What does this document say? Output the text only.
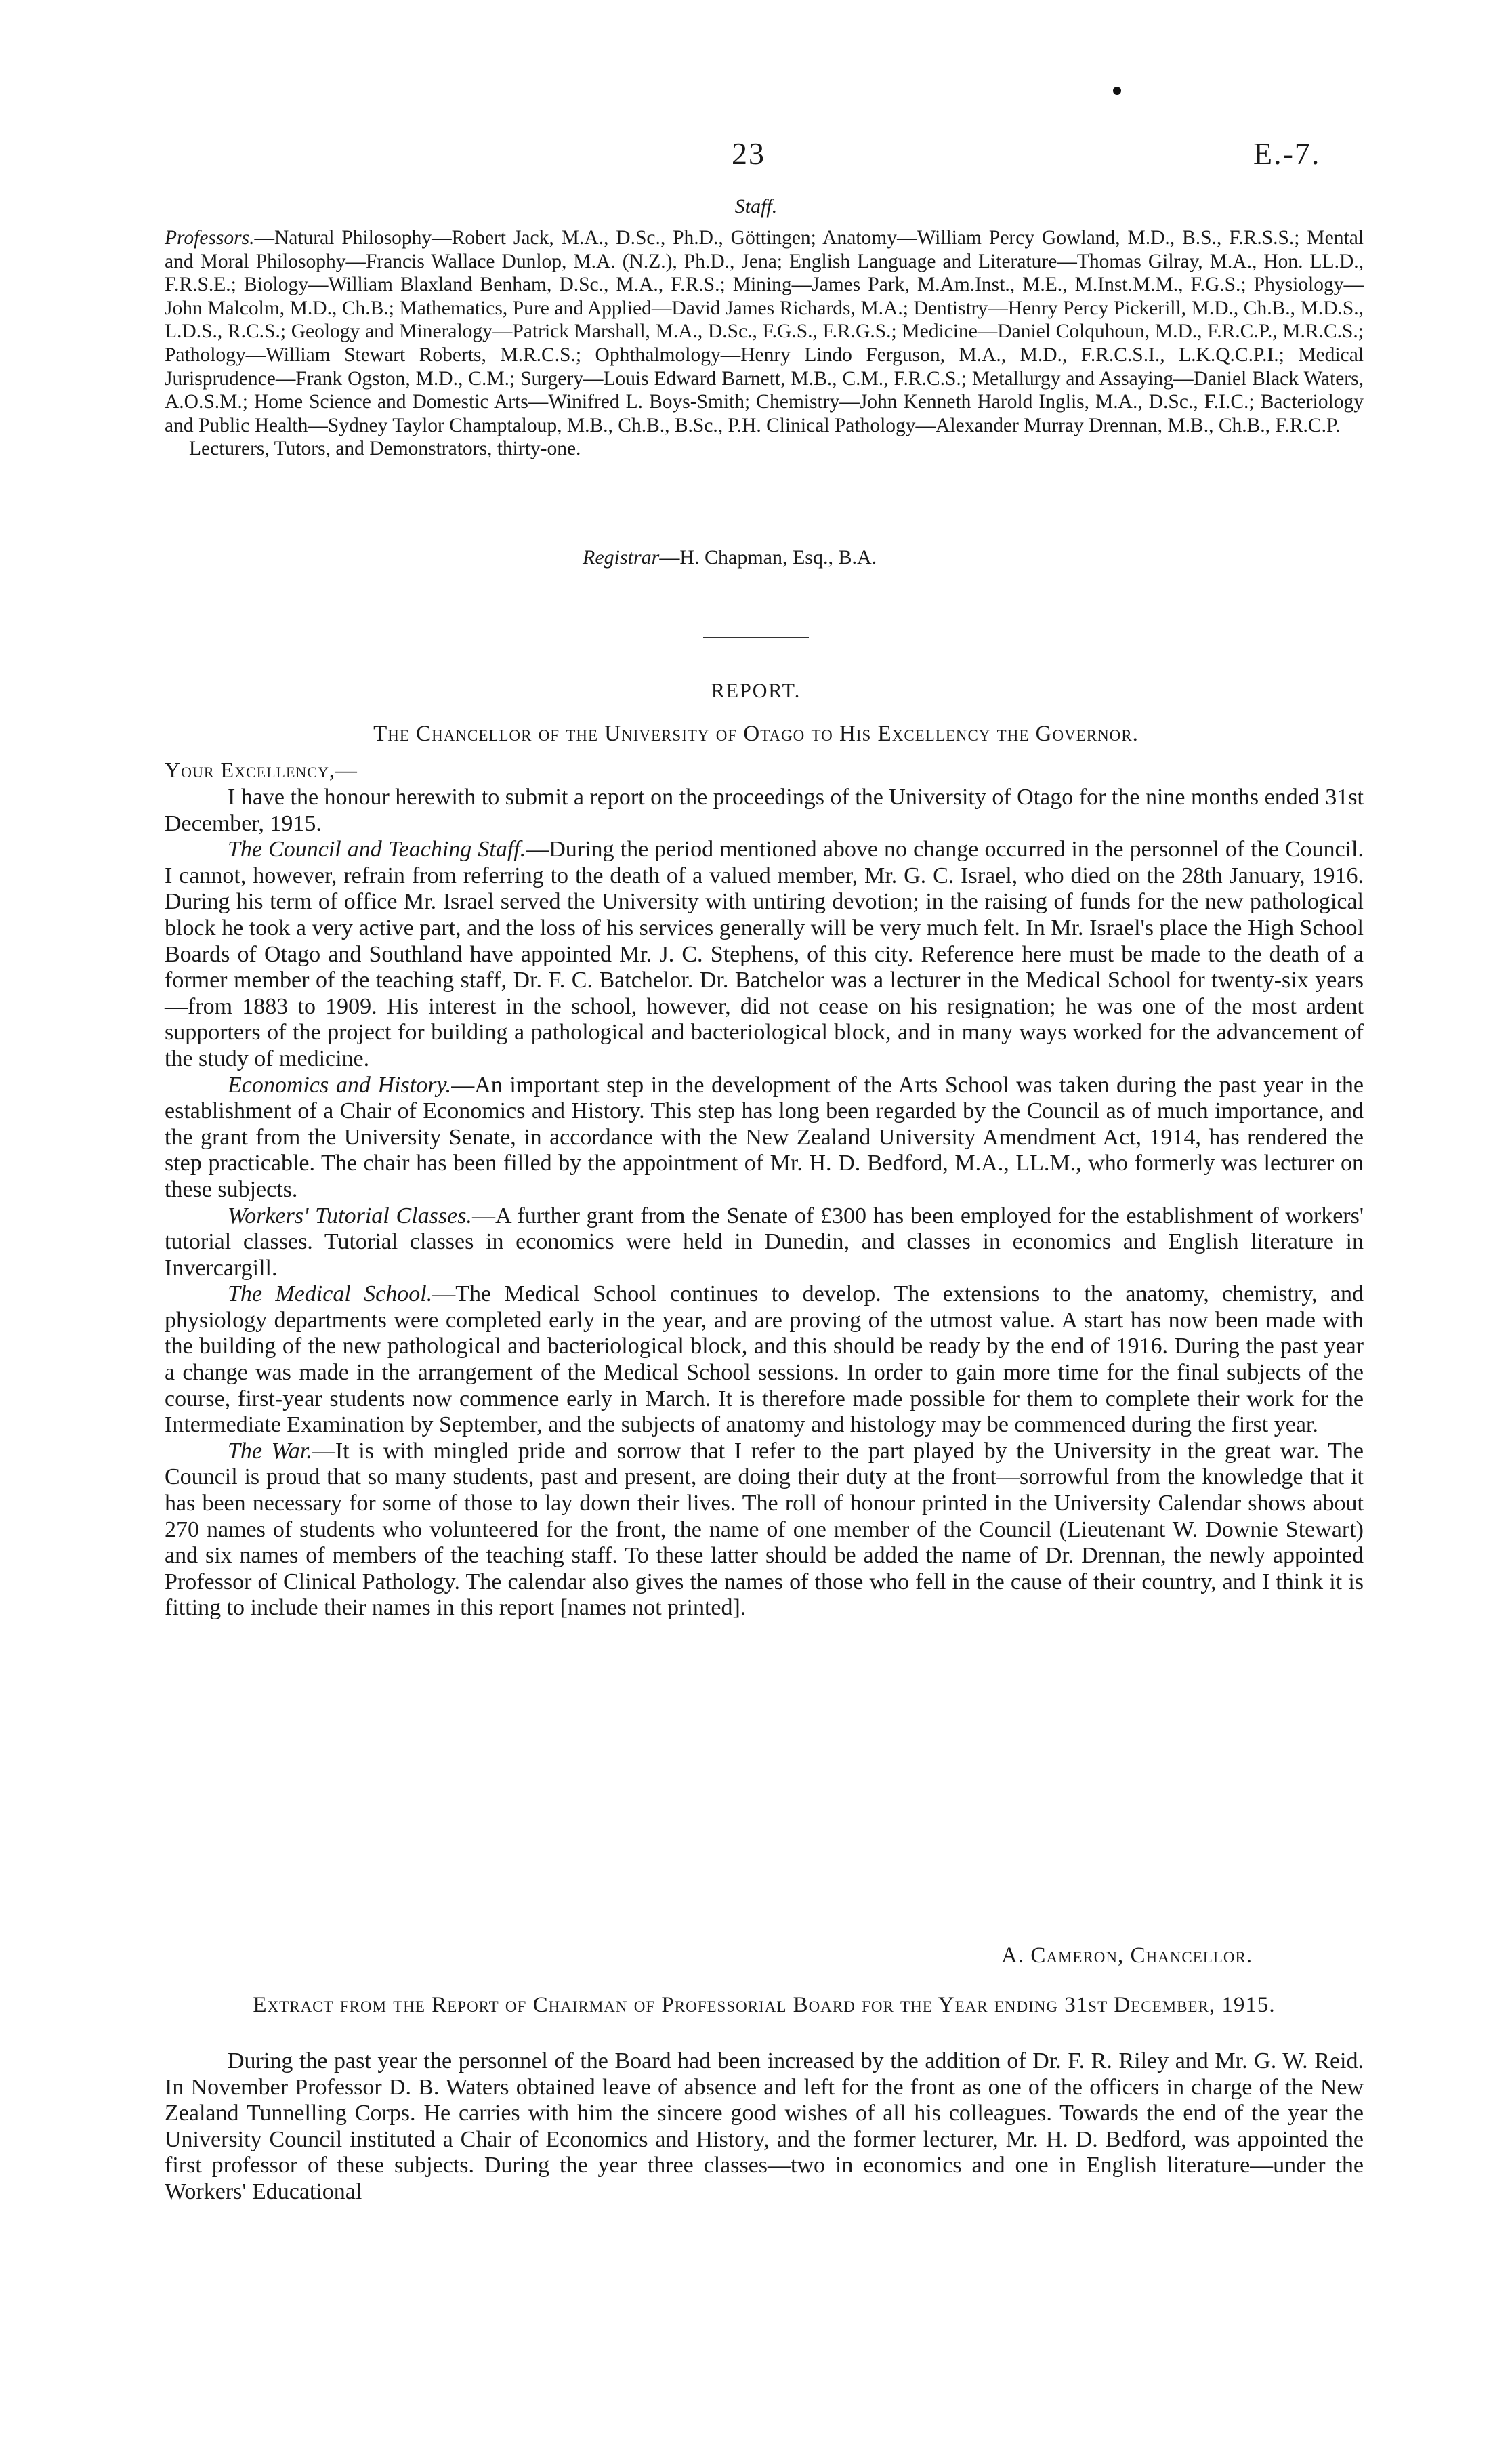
23	E.-7.
Staff.

Professors.—Natural Philosophy—Robert Jack, M.A., D.Sc., Ph.D., Göttingen; Anatomy—William Percy Gowland, M.D., B.S., F.R.S.S.; Mental and Moral Philosophy—Francis Wallace Dunlop, M.A. (N.Z.), Ph.D., Jena; English Language and Literature—Thomas Gilray, M.A., Hon. LL.D., F.R.S.E.; Biology—William Blaxland Benham, D.Sc., M.A., F.R.S.; Mining—James Park, M.Am.Inst., M.E., M.Inst.M.M., F.G.S.; Physiology—John Malcolm, M.D., Ch.B.; Mathematics, Pure and Applied—David James Richards, M.A.; Dentistry—Henry Percy Pickerill, M.D., Ch.B., M.D.S., L.D.S., R.C.S.; Geology and Mineralogy—Patrick Marshall, M.A., D.Sc., F.G.S., F.R.G.S.; Medicine—Daniel Colquhoun, M.D., F.R.C.P., M.R.C.S.; Pathology—William Stewart Roberts, M.R.C.S.; Ophthalmology—Henry Lindo Ferguson, M.A., M.D., F.R.C.S.I., L.K.Q.C.P.I.; Medical Jurisprudence—Frank Ogston, M.D., C.M.; Surgery—Louis Edward Barnett, M.B., C.M., F.R.C.S.; Metallurgy and Assaying—Daniel Black Waters, A.O.S.M.; Home Science and Domestic Arts—Winifred L. Boys-Smith; Chemistry—John Kenneth Harold Inglis, M.A., D.Sc., F.I.C.; Bacteriology and Public Health—Sydney Taylor Champtaloup, M.B., Ch.B., B.Sc., P.H. Clinical Pathology—Alexander Murray Drennan, M.B., Ch.B., F.R.C.P.

Lecturers, Tutors, and Demonstrators, thirty-one.

Registrar—H. Chapman, Esq., B.A.
REPORT.
The Chancellor of the University of Otago to His Excellency the Governor.
Your Excellency,—

I have the honour herewith to submit a report on the proceedings of the University of Otago for the nine months ended 31st December, 1915.

The Council and Teaching Staff.—During the period mentioned above no change occurred in the personnel of the Council. I cannot, however, refrain from referring to the death of a valued member, Mr. G. C. Israel, who died on the 28th January, 1916. During his term of office Mr. Israel served the University with untiring devotion; in the raising of funds for the new pathological block he took a very active part, and the loss of his services generally will be very much felt. In Mr. Israel's place the High School Boards of Otago and Southland have appointed Mr. J. C. Stephens, of this city. Reference here must be made to the death of a former member of the teaching staff, Dr. F. C. Batchelor. Dr. Batchelor was a lecturer in the Medical School for twenty-six years—from 1883 to 1909. His interest in the school, however, did not cease on his resignation; he was one of the most ardent supporters of the project for building a pathological and bacteriological block, and in many ways worked for the advancement of the study of medicine.

Economics and History.—An important step in the development of the Arts School was taken during the past year in the establishment of a Chair of Economics and History. This step has long been regarded by the Council as of much importance, and the grant from the University Senate, in accordance with the New Zealand University Amendment Act, 1914, has rendered the step practicable. The chair has been filled by the appointment of Mr. H. D. Bedford, M.A., LL.M., who formerly was lecturer on these subjects.

Workers' Tutorial Classes.—A further grant from the Senate of £300 has been employed for the establishment of workers' tutorial classes. Tutorial classes in economics were held in Dunedin, and classes in economics and English literature in Invercargill.

The Medical School.—The Medical School continues to develop. The extensions to the anatomy, chemistry, and physiology departments were completed early in the year, and are proving of the utmost value. A start has now been made with the building of the new pathological and bacteriological block, and this should be ready by the end of 1916. During the past year a change was made in the arrangement of the Medical School sessions. In order to gain more time for the final subjects of the course, first-year students now commence early in March. It is therefore made possible for them to complete their work for the Intermediate Examination by September, and the subjects of anatomy and histology may be commenced during the first year.

The War.—It is with mingled pride and sorrow that I refer to the part played by the University in the great war. The Council is proud that so many students, past and present, are doing their duty at the front—sorrowful from the knowledge that it has been necessary for some of those to lay down their lives. The roll of honour printed in the University Calendar shows about 270 names of students who volunteered for the front, the name of one member of the Council (Lieutenant W. Downie Stewart) and six names of members of the teaching staff. To these latter should be added the name of Dr. Drennan, the newly appointed Professor of Clinical Pathology. The calendar also gives the names of those who fell in the cause of their country, and I think it is fitting to include their names in this report [names not printed].

A. Cameron, Chancellor.
Extract from the Report of Chairman of Professorial Board for the Year ending 31st December, 1915.

During the past year the personnel of the Board had been increased by the addition of Dr. F. R. Riley and Mr. G. W. Reid. In November Professor D. B. Waters obtained leave of absence and left for the front as one of the officers in charge of the New Zealand Tunnelling Corps. He carries with him the sincere good wishes of all his colleagues. Towards the end of the year the University Council instituted a Chair of Economics and History, and the former lecturer, Mr. H. D. Bedford, was appointed the first professor of these subjects. During the year three classes—two in economics and one in English literature—under the Workers' Educational
